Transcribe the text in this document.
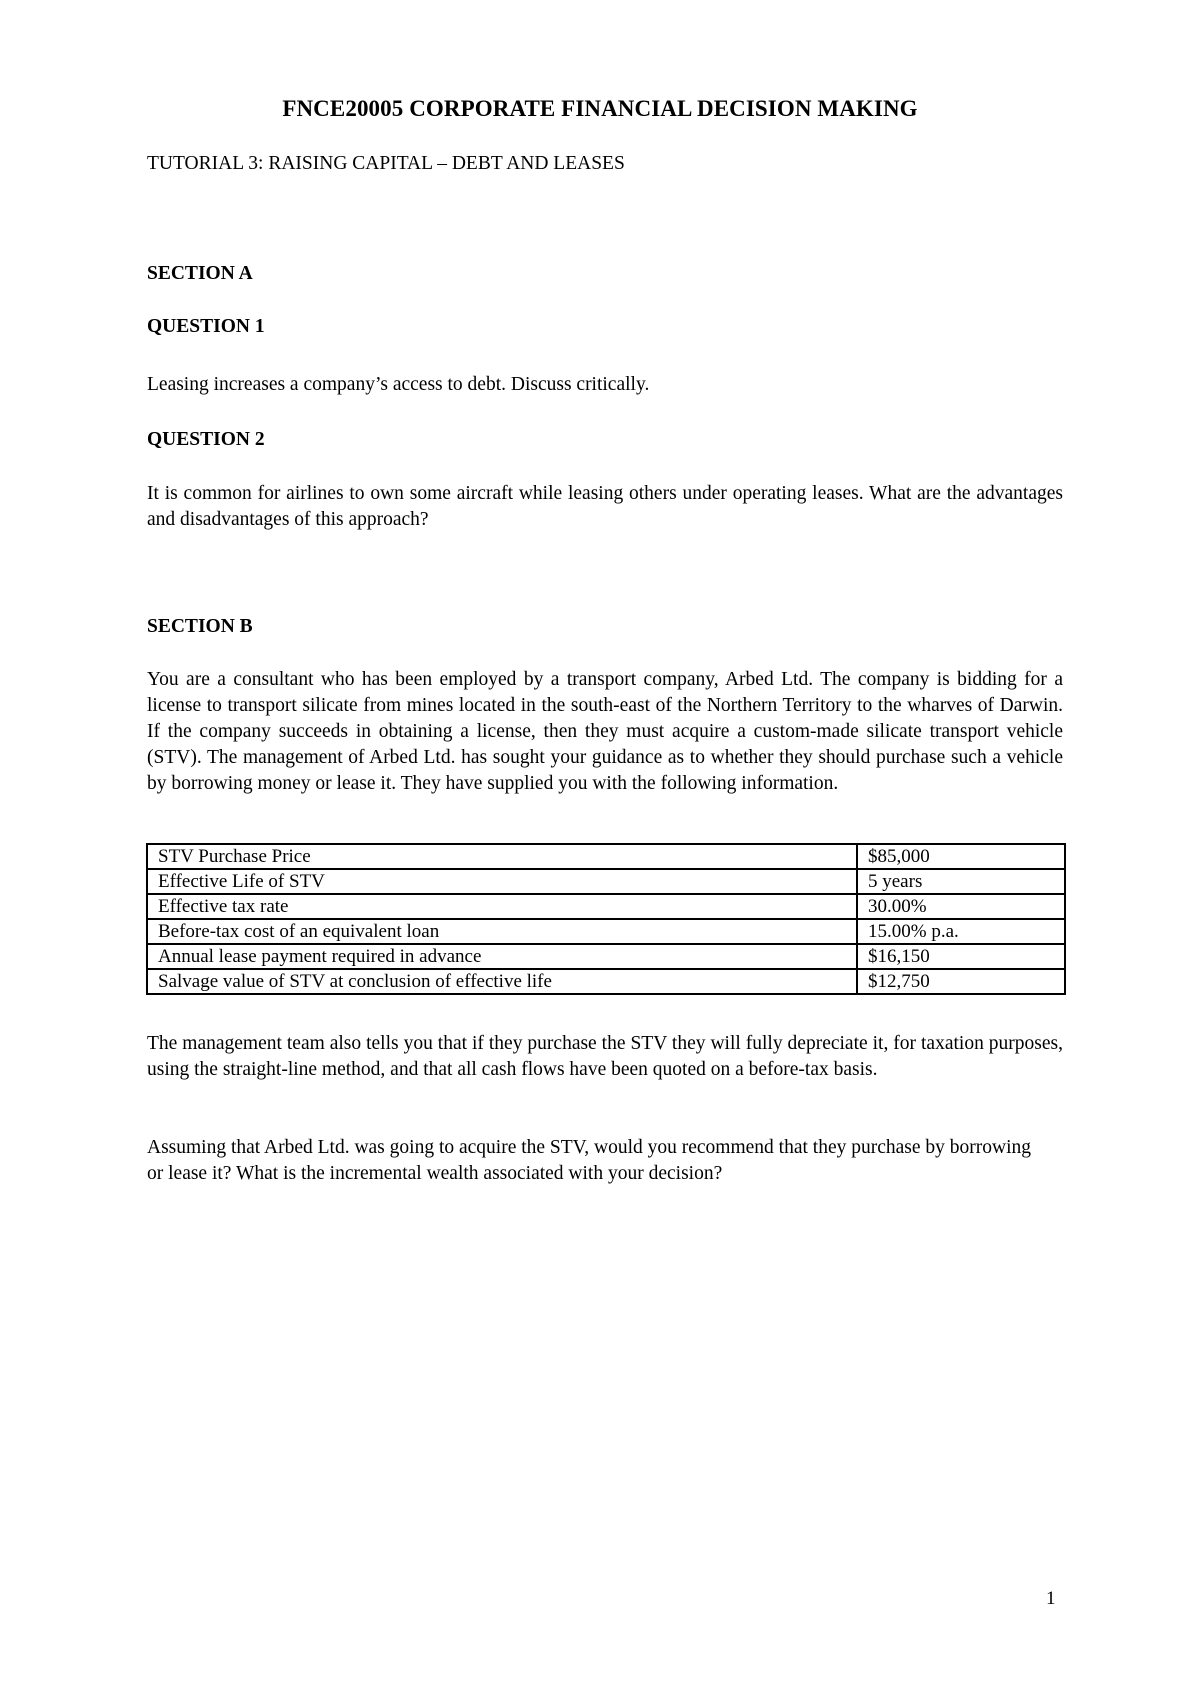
FNCE20005 CORPORATE FINANCIAL DECISION MAKING

TUTORIAL 3: RAISING CAPITAL – DEBT AND LEASES

SECTION A

QUESTION 1

Leasing increases a company’s access to debt. Discuss critically.

QUESTION 2

It is common for airlines to own some aircraft while leasing others under operating leases. What are the advantages and disadvantages of this approach?

SECTION B

You are a consultant who has been employed by a transport company, Arbed Ltd. The company is bidding for a license to transport silicate from mines located in the south-east of the Northern Territory to the wharves of Darwin. If the company succeeds in obtaining a license, then they must acquire a custom-made silicate transport vehicle (STV). The management of Arbed Ltd. has sought your guidance as to whether they should purchase such a vehicle by borrowing money or lease it. They have supplied you with the following information.

STV Purchase Price	$85,000
Effective Life of STV	5 years
Effective tax rate	30.00%
Before-tax cost of an equivalent loan	15.00% p.a.
Annual lease payment required in advance	$16,150
Salvage value of STV at conclusion of effective life	$12,750

The management team also tells you that if they purchase the STV they will fully depreciate it, for taxation purposes, using the straight-line method, and that all cash flows have been quoted on a before-tax basis.

Assuming that Arbed Ltd. was going to acquire the STV, would you recommend that they purchase by borrowing or lease it? What is the incremental wealth associated with your decision?

1
